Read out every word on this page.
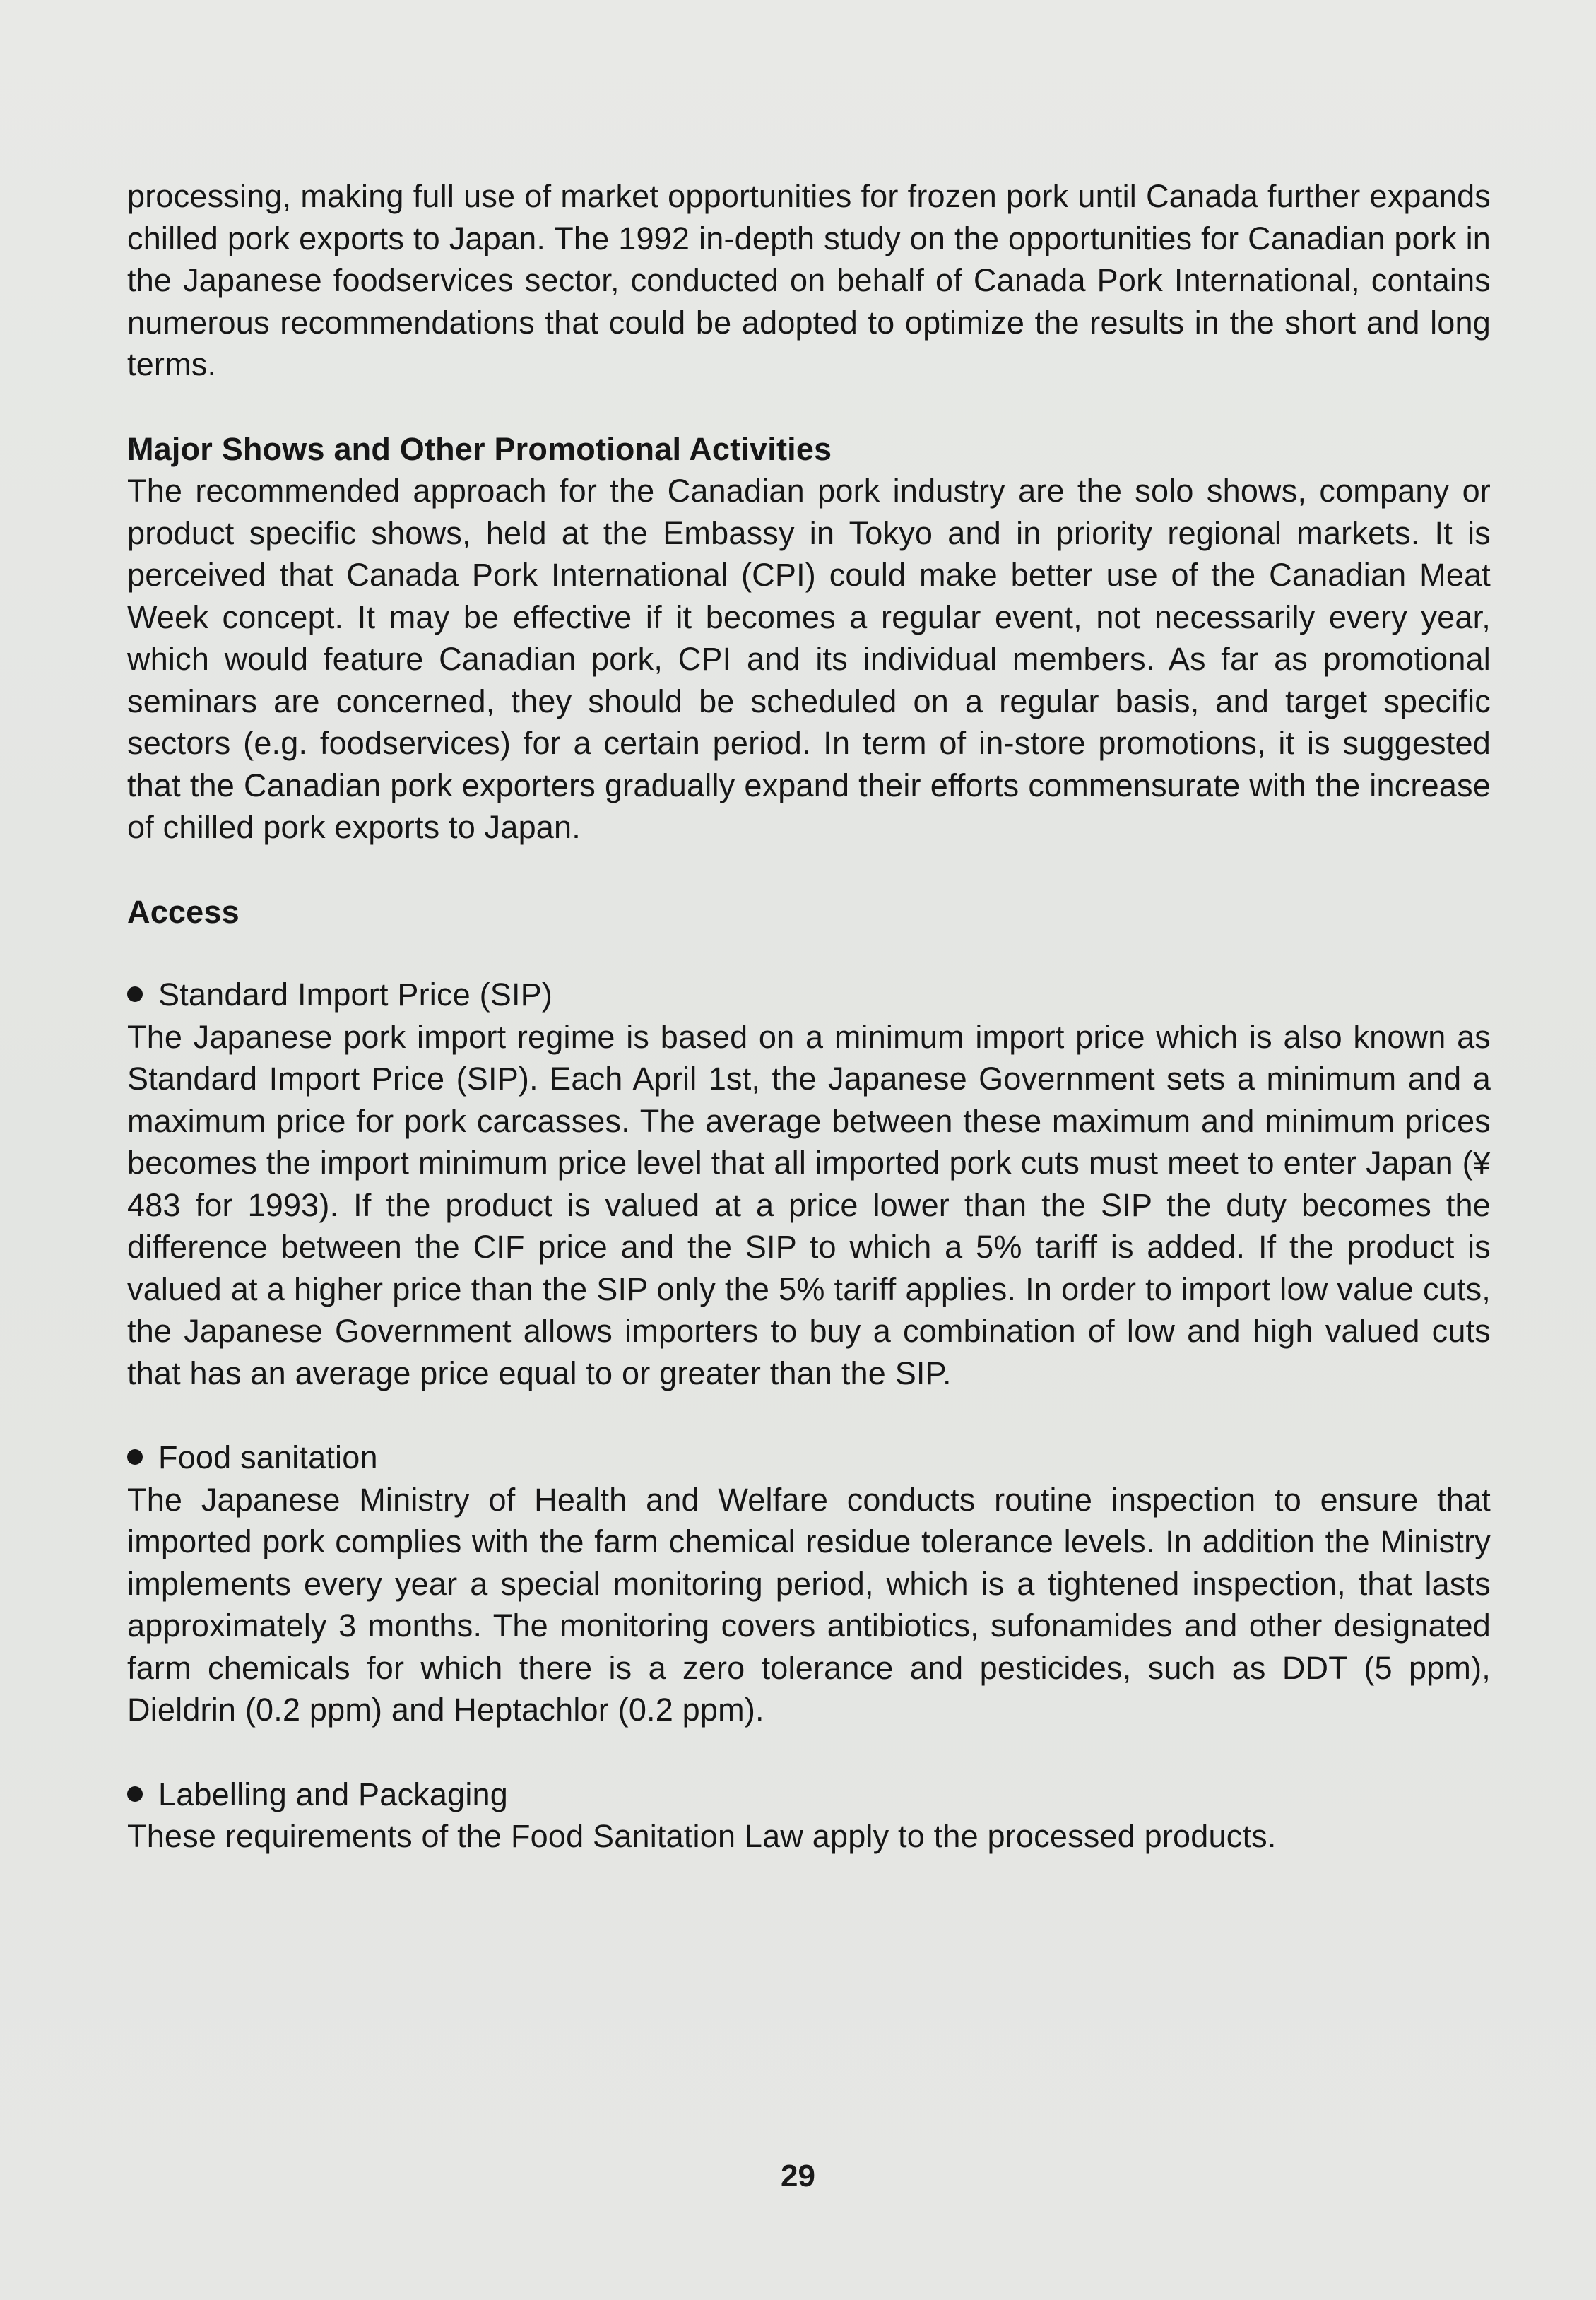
processing, making full use of market opportunities for frozen pork until Canada further expands chilled pork exports to Japan. The 1992 in-depth study on the opportunities for Canadian pork in the Japanese foodservices sector, conducted on behalf of Canada Pork International, contains numerous recommendations that could be adopted to optimize the results in the short and long terms.

Major Shows and Other Promotional Activities

The recommended approach for the Canadian pork industry are the solo shows, company or product specific shows, held at the Embassy in Tokyo and in priority regional markets. It is perceived that Canada Pork International (CPI) could make better use of the Canadian Meat Week concept. It may be effective if it becomes a regular event, not necessarily every year, which would feature Canadian pork, CPI and its individual members. As far as promotional seminars are concerned, they should be scheduled on a regular basis, and target specific sectors (e.g. foodservices) for a certain period. In term of in-store promotions, it is suggested that the Canadian pork exporters gradually expand their efforts commensurate with the increase of chilled pork exports to Japan.

Access

Standard Import Price (SIP)

The Japanese pork import regime is based on a minimum import price which is also known as Standard Import Price (SIP). Each April 1st, the Japanese Government sets a minimum and a maximum price for pork carcasses. The average between these maximum and minimum prices becomes the import minimum price level that all imported pork cuts must meet to enter Japan (¥ 483 for 1993). If the product is valued at a price lower than the SIP the duty becomes the difference between the CIF price and the SIP to which a 5% tariff is added. If the product is valued at a higher price than the SIP only the 5% tariff applies. In order to import low value cuts, the Japanese Government allows importers to buy a combination of low and high valued cuts that has an average price equal to or greater than the SIP.

Food sanitation

The Japanese Ministry of Health and Welfare conducts routine inspection to ensure that imported pork complies with the farm chemical residue tolerance levels. In addition the Ministry implements every year a special monitoring period, which is a tightened inspection, that lasts approximately 3 months. The monitoring covers antibiotics, sufonamides and other designated farm chemicals for which there is a zero tolerance and pesticides, such as DDT (5 ppm), Dieldrin (0.2 ppm) and Heptachlor (0.2 ppm).

Labelling and Packaging

These requirements of the Food Sanitation Law apply to the processed products.

29
